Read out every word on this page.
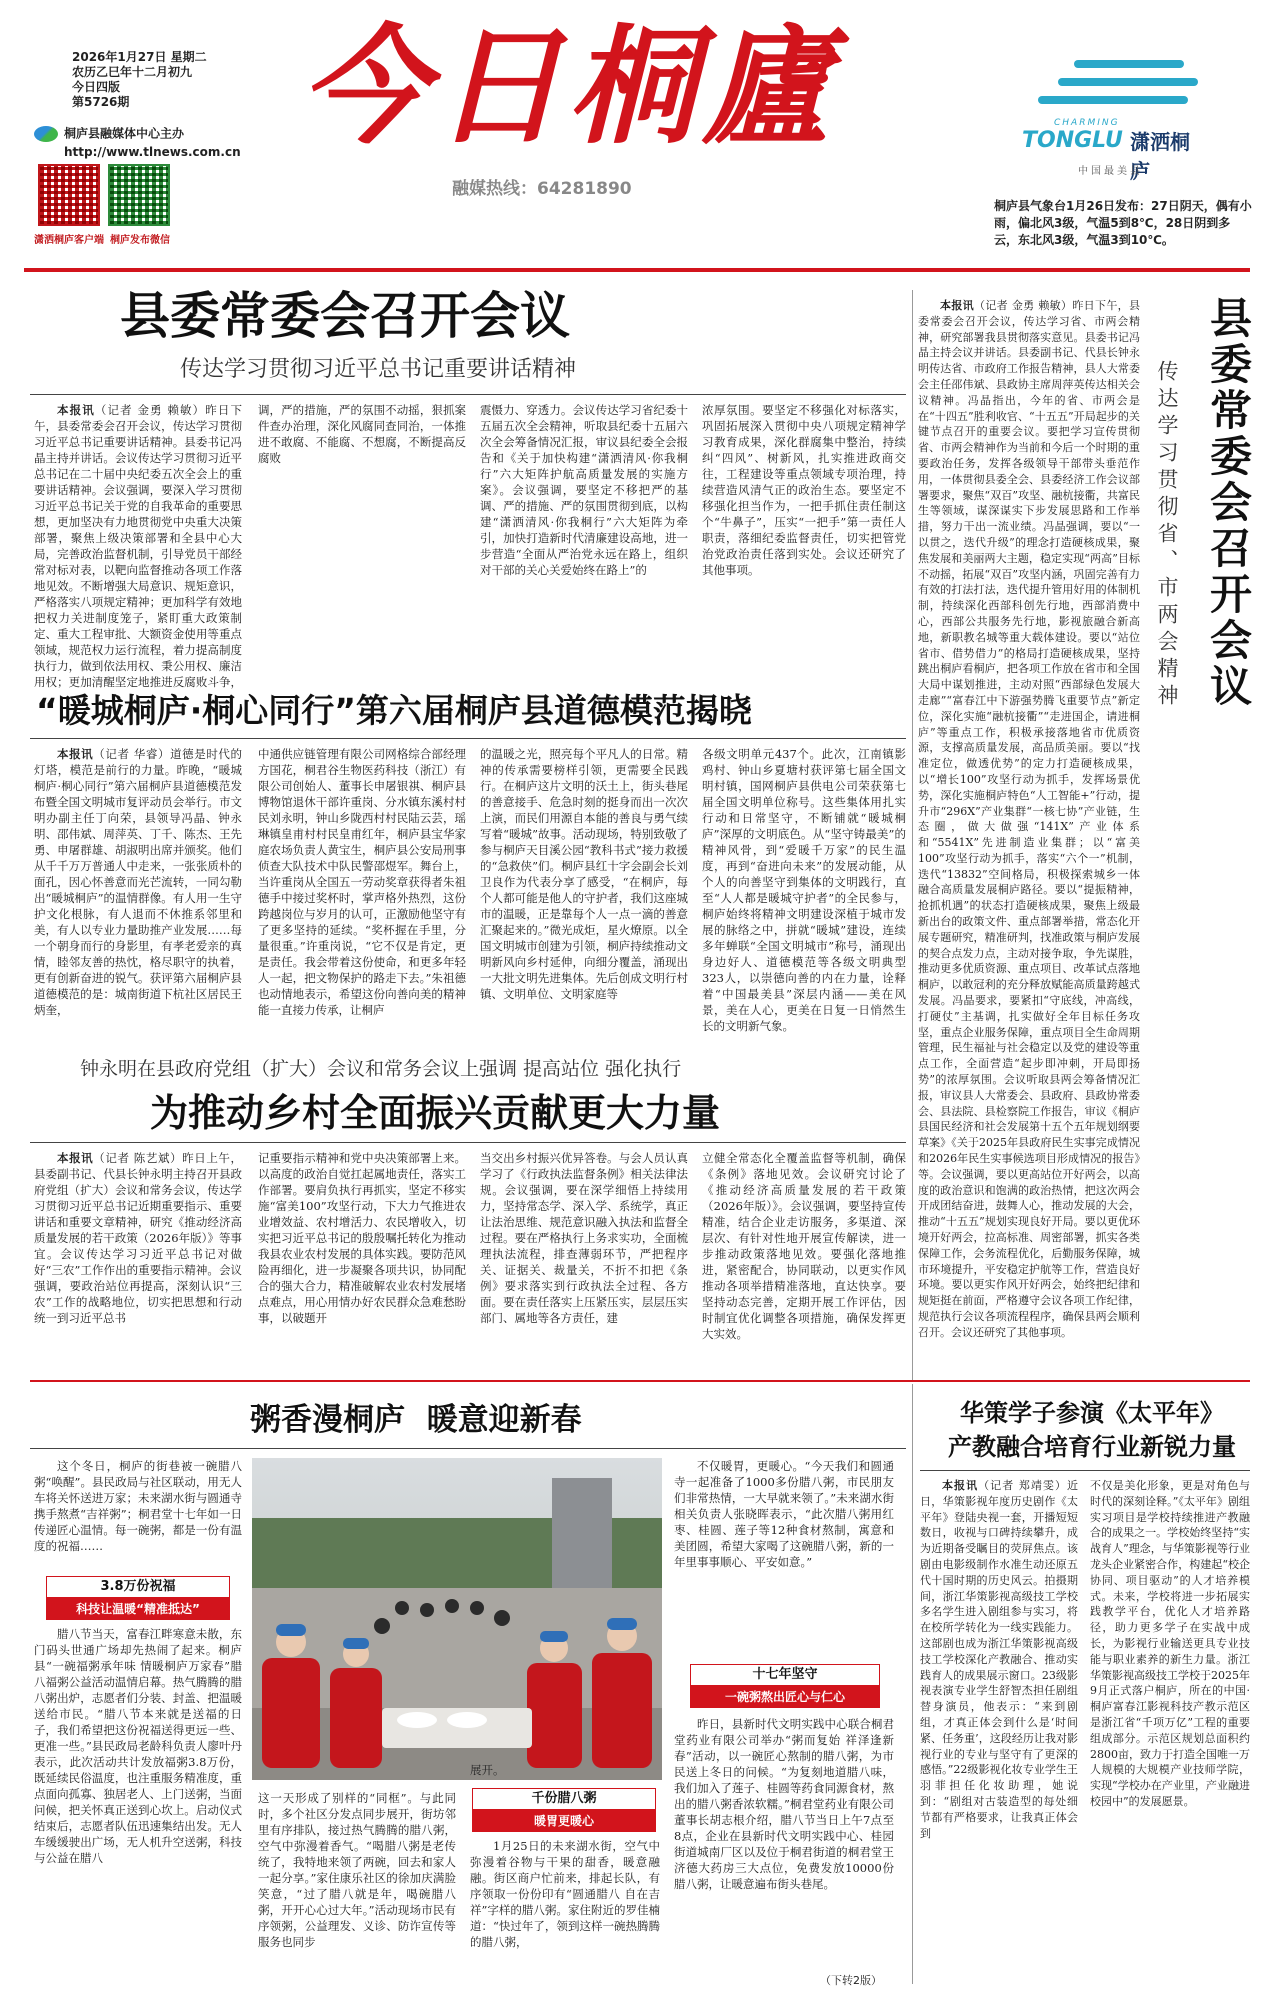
2026年1月27日 星期二
农历乙巳年十二月初九
今日四版
第5726期
桐庐县融媒体中心主办
http://www.tlnews.com.cn
潇洒桐庐客户端 桐庐发布微信
今日桐廬
融媒热线：64281890
CHARMING
TONGLU 潇洒桐庐
中国最美县
桐庐县气象台1月26日发布：27日阴天，偶有小雨，偏北风3级，气温5到8℃，28日阴到多云，东北风3级，气温3到10℃。
县委常委会召开会议
传达学习贯彻习近平总书记重要讲话精神
本报讯（记者 金勇 赖敏）昨日下午，县委常委会召开会议，传达学习贯彻习近平总书记重要讲话精神。县委书记冯晶主持并讲话。会议传达学习贯彻习近平总书记在二十届中央纪委五次全会上的重要讲话精神。会议强调，要深入学习贯彻习近平总书记关于党的自我革命的重要思想，更加坚决有力地贯彻党中央重大决策部署，聚焦上级决策部署和全县中心大局，完善政治监督机制，引导党员干部经常对标对表，以靶向监督推动各项工作落地见效。不断增强大局意识、规矩意识，严格落实八项规定精神；更加科学有效地把权力关进制度笼子，紧盯重大政策制定、重大工程审批、大额资金使用等重点领域，规范权力运行流程，着力提高制度执行力，做到依法用权、秉公用权、廉洁用权；更加清醒坚定地推进反腐败斗争，
调，严的措施，严的氛围不动摇，狠抓案件查办治理，深化风腐同查同治，一体推进不敢腐、不能腐、不想腐，不断提高反腐败
震慑力、穿透力。会议传达学习省纪委十五届五次全会精神，听取县纪委十五届六次全会筹备情况汇报，审议县纪委全会报告和《关于加快构建“潇洒清风·你我桐行”六大矩阵护航高质量发展的实施方案》。会议强调，要坚定不移把严的基调、严的措施、严的氛围贯彻到底，以构建“潇洒清风·你我桐行”六大矩阵为牵引，加快打造新时代清廉建设高地，进一步营造“全面从严治党永远在路上，组织对干部的关心关爱始终在路上”的
浓厚氛围。要坚定不移强化对标落实，巩固拓展深入贯彻中央八项规定精神学习教育成果，深化群腐集中整治，持续纠“四风”、树新风，扎实推进政商交往，工程建设等重点领域专项治理，持续营造风清气正的政治生态。要坚定不移强化担当作为，一把手抓住责任制这个“牛鼻子”，压实“一把手”第一责任人职责，落细纪委监督责任，切实把管党治党政治责任落到实处。会议还研究了其他事项。
“暖城桐庐·桐心同行”第六届桐庐县道德模范揭晓
本报讯（记者 华睿）道德是时代的灯塔，模范是前行的力量。昨晚，“暖城桐庐·桐心同行”第六届桐庐县道德模范发布暨全国文明城市复评动员会举行。市文明办副主任丁向荣，县领导冯晶、钟永明、邵伟斌、周萍英、丁千、陈杰、王先勇、申屠群雄、胡淑明出席并颁奖。他们从千千万万普通人中走来，一张张质朴的面孔，因心怀善意而光芒流转，一同勾勒出“暖城桐庐”的温情群像。有人用一生守护文化根脉，有人退而不休推系邻里和美，有人以专业力量助推产业发展……每一个朝身而行的身影里，有孝老爱亲的真情，睦邻友善的热忱，格尽职守的执着，更有创新奋进的锐气。获评第六届桐庐县道德模范的是：城南街道下杭社区居民王炳奎，
中通供应链管理有限公司网格综合部经理方国花，桐君谷生物医药科技（浙江）有限公司创始人、董事长申屠银祺、桐庐县博物馆退休干部许重岗、分水镇东溪村村民刘永明，钟山乡陇西村村民陆云芸，瑶琳镇皇甫村村民皇甫红年，桐庐县宝华家庭农场负责人黄宝生，桐庐县公安局刑事侦查大队技术中队民警邵煜军。舞台上，当许重岗从全国五一劳动奖章获得者朱祖德手中接过奖杯时，掌声格外热烈，这份跨越岗位与岁月的认可，正激励他坚守有了更多坚持的延续。“奖杯握在手里，分量很重。”许重岗说，“它不仅是肯定，更是责任。我会带着这份使命，和更多年轻人一起，把文物保护的路走下去。”朱祖德也动情地表示，希望这份向善向美的精神能一直接力传承，让桐庐
的温暖之光，照亮每个平凡人的日常。精神的传承需要榜样引领，更需要全民践行。在桐庐这片文明的沃土上，街头巷尾的善意接手、危急时刻的挺身而出一次次上演，而民们用源自本能的善良与勇气续写着“暖城”故事。活动现场，特别致敬了参与桐庐天目溪公园“教科书式”接力救援的“急救侠”们。桐庐县红十字会副会长刘卫良作为代表分享了感受，“在桐庐，每个人都可能是他人的守护者，我们这座城市的温暖，正是靠每个人一点一滴的善意汇聚起来的。”微光成炬，星火燎原。以全国文明城市创建为引领，桐庐持续推动文明新风向乡村延伸，向细分覆盖，涌现出一大批文明先进集体。先后创成文明行村镇、文明单位、文明家庭等
各级文明单元437个。此次，江南镇影鸡村、钟山乡夏塘村获评第七届全国文明村镇，国网桐庐县供电公司荣获第七届全国文明单位称号。这些集体用扎实行动和日常坚守，不断铺就“暖城桐庐”深厚的文明底色。从“坚守铸最美”的精神风骨，到“爱暖千万家”的民生温度，再到“奋进向未来”的发展动能，从个人的向善坚守到集体的文明践行，直至“人人都是暖城守护者”的全民参与，桐庐始终将精神文明建设深植于城市发展的脉络之中，拼就“暖城”建设，连续多年蝉联“全国文明城市”称号，涌现出身边好人、道德模范等各级文明典型323人，以崇德向善的内在力量，诠释着“中国最美县”深层内涵——美在风景，美在人心，更美在日复一日悄然生长的文明新气象。
钟永明在县政府党组（扩大）会议和常务会议上强调 提高站位 强化执行
为推动乡村全面振兴贡献更大力量
本报讯（记者 陈艺斌）昨日上午，县委副书记、代县长钟永明主持召开县政府党组（扩大）会议和常务会议，传达学习贯彻习近平总书记近期重要指示、重要讲话和重要文章精神，研究《推动经济高质量发展的若干政策（2026年版）》等事宜。会议传达学习习近平总书记对做好“三农”工作作出的重要指示精神。会议强调，要政治站位再提高，深刻认识“三农”工作的战略地位，切实把思想和行动统一到习近平总书
记重要指示精神和党中央决策部署上来。以高度的政治自觉扛起属地责任，落实工作部署。要肩负执行再抓实，坚定不移实施“富美100”攻坚行动，下大力气推进农业增效益、农村增活力、农民增收入，切实把习近平总书记的殷殷嘱托转化为推动我县农业农村发展的具体实践。要防范风险再细化，进一步凝聚各项共识，协同配合的强大合力，精准破解农业农村发展堵点难点，用心用情办好农民群众急难愁盼事，以破题开
当交出乡村振兴优异答卷。与会人员认真学习了《行政执法监督条例》相关法律法规。会议强调，要在深学细悟上持续用力，坚持常态学、深入学、系统学，真正让法治思维、规范意识融入执法和监督全过程。要在严格执行上务求实功，全面梳理执法流程，排查薄弱环节，严把程序关、证据关、裁量关，不折不扣把《条例》要求落实到行政执法全过程、各方面。要在责任落实上压紧压实，层层压实部门、属地等各方责任，建
立健全常态化全覆盖监督等机制，确保《条例》落地见效。会议研究讨论了《推动经济高质量发展的若干政策（2026年版）》。会议强调，要坚持宣传精准，结合企业走访服务，多渠道、深层次、有针对性地开展宣传解读，进一步推动政策落地见效。要强化落地推进，紧密配合，协同联动，以更实作风推动各项举措精准落地，直达快享。要坚持动态完善，定期开展工作评估，因时制宜优化调整各项措施，确保发挥更大实效。
县委常委会召开会议
传达学习贯彻省、市两会精神
本报讯（记者 金勇 赖敏）昨日下午，县委常委会召开会议，传达学习省、市两会精神，研究部署我县贯彻落实意见。县委书记冯晶主持会议并讲话。县委副书记、代县长钟永明传达省、市政府工作报告精神，县人大常委会主任邵伟斌、县政协主席周萍英传达相关会议精神。冯晶指出，今年的省、市两会是在“十四五”胜利收官、“十五五”开局起步的关键节点召开的重要会议。要把学习宣传贯彻省、市两会精神作为当前和今后一个时期的重要政治任务，发挥各级领导干部带头垂范作用，一体贯彻县委全会、县委经济工作会议部署要求，聚焦“双百”攻坚、融杭接衢，共富民生等领域，谋深谋实下步发展思路和工作举措，努力干出一流业绩。冯晶强调，要以“一以贯之，迭代升级”的理念打造硬核成果，聚焦发展和美丽两大主题，稳定实现“两高”目标不动摇，拓展“双百”攻坚内涵，巩固完善有力有效的打法打法，迭代提升管用好用的体制机制，持续深化西部科创先行地，西部消费中心，西部公共服务先行地，影视旅融合新高地，新职教名城等重大载体建设。要以“站位省市、借势借力”的格局打造硬核成果，坚持跳出桐庐看桐庐，把各项工作放在省市和全国大局中谋划推进，主动对照“西部绿色发展大走廊”“富春江中下游强势腾飞重要节点”新定位，深化实施“融杭接衢”“走进国企，请进桐庐”等重点工作，积极承接落地省市优质资源，支撑高质量发展，高品质美丽。要以“找准定位，做透优势”的定力打造硬核成果，以“增长100”攻坚行动为抓手，发挥场景优势，深化实施桐庐特色“人工智能+”行动，提升市“296X”产业集群“一核七协”产业链，生态圈，做大做强“141X”产业体系和“5541X”先进制造业集群；以“富美100”攻坚行动为抓手，落实“六个一”机制，迭代“13832”空间格局，积极探索城乡一体融合高质量发展桐庐路径。要以“提振精神，抢抓机遇”的状态打造硬核成果，聚焦上级最新出台的政策文件、重点部署举措，常态化开展专题研究，精准研判，找准政策与桐庐发展的契合点发力点，主动对接争取，争先谋胜，推动更多优质资源、重点项目、改革试点落地桐庐，以敢冠利的充分释放赋能高质量跨越式发展。冯晶要求，要紧扣“守底线，冲高线，打硬仗”主基调，扎实做好全年目标任务攻坚，重点企业服务保障，重点项目全生命周期管理，民生福祉与社会稳定以及党的建设等重点工作，全面营造“起步即冲刺，开局即扬势”的浓厚氛围。会议听取县两会筹备情况汇报，审议县人大常委会、县政府、县政协常委会、县法院、县检察院工作报告，审议《桐庐县国民经济和社会发展第十五个五年规划纲要草案》《关于2025年县政府民生实事完成情况和2026年民生实事候选项目形成情况的报告》等。会议强调，要以更高站位开好两会，以高度的政治意识和饱满的政治热情，把这次两会开成团结奋进，鼓舞人心，推动发展的大会，推动“十五五”规划实现良好开局。要以更优环境开好两会，拉高标准、周密部署，抓实各类保障工作，会务流程优化，后勤服务保障，城市环境提升，平安稳定护航等工作，营造良好环境。要以更实作风开好两会，始终把纪律和规矩挺在前面，严格遵守会议各项工作纪律，规范执行会议各项流程程序，确保县两会顺利召开。会议还研究了其他事项。
粥香漫桐庐 暖意迎新春
这个冬日，桐庐的街巷被一碗腊八粥“唤醒”。县民政局与社区联动，用无人车将关怀送进万家；未来湖水街与圆通寺携手熬煮“吉祥粥”；桐君堂十七年如一日传递匠心温情。每一碗粥，都是一份有温度的祝福……
3.8万份祝福
科技让温暖“精准抵达”
腊八节当天，富春江畔寒意未散，东门码头世通广场却先热闹了起来。桐庐县“一碗福粥承年味 情暖桐庐万家春”腊八福粥公益活动温情启幕。热气腾腾的腊八粥出炉，志愿者们分装、封盖、把温暖送给市民。“腊八节本来就是送福的日子，我们希望把这份祝福送得更远一些、更准一些。”县民政局老龄科负责人廖叶丹表示，此次活动共计发放福粥3.8万份，既延续民俗温度，也注重服务精准度，重点面向孤寡、独居老人、上门送粥，当面问候，把关怀真正送到心坎上。启动仪式结束后，志愿者队伍迅速集结出发。无人车缓缓驶出广场，无人机升空送粥，科技与公益在腊八
这一天形成了别样的“同框”。与此同时，多个社区分发点同步展开，街坊邻里有序排队，接过热气腾腾的腊八粥，空气中弥漫着香气。“喝腊八粥是老传统了，我特地来领了两碗，回去和家人一起分享。”家住康乐社区的徐加庆满脸笑意，“过了腊八就是年，喝碗腊八粥，开开心心过大年。”活动现场市民有序领粥，公益理发、义诊、防诈宣传等服务也同步
千份腊八粥
暖胃更暖心
展开。
1月25日的未来湖水街，空气中弥漫着谷物与干果的甜香，暖意融融。街区商户忙前来，排起长队，有序领取一份份印有“圆通腊八 自在吉祥”字样的腊八粥。家住附近的罗佳楠道：“快过年了，领到这样一碗热腾腾的腊八粥，
不仅暖胃，更暖心。“今天我们和圆通寺一起准备了1000多份腊八粥，市民朋友们非常热情，一大早就来领了。”未来湖水街相关负责人张晓晖表示，“此次腊八粥用红枣、桂圆、莲子等12种食材熬制，寓意和美团圆，希望大家喝了这碗腊八粥，新的一年里事事顺心、平安如意。”
十七年坚守
一碗粥熬出匠心与仁心
昨日，县新时代文明实践中心联合桐君堂药业有限公司举办“粥而复始 祥泽逢新春”活动，以一碗匠心熬制的腊八粥，为市民送上冬日的问候。“为复刻地道腊八味，我们加入了莲子、桂圆等药食同源食材，熬出的腊八粥香浓软糯。”桐君堂药业有限公司董事长胡志根介绍，腊八节当日上午7点至8点，企业在县新时代文明实践中心、桂园街道城南厂区以及位于桐君街道的桐君堂王济德大药房三大点位，免费发放10000份腊八粥，让暖意遍布街头巷尾。
（下转2版）
华策学子参演《太平年》
产教融合培育行业新锐力量
本报讯（记者 郑靖雯）近日，华策影视年度历史剧作《太平年》登陆央视一套，开播短短数日，收视与口碑持续攀升，成为近期备受瞩目的荧屏焦点。该剧由电影级制作水准生动还原五代十国时期的历史风云。拍摄期间，浙江华策影视高级技工学校多名学生进入剧组参与实习，将在校所学转化为一线实践能力。这部剧也成为浙江华策影视高级技工学校深化产教融合、推动实践育人的成果展示窗口。23级影视表演专业学生舒智杰担任剧组替身演员，他表示：“来到剧组，才真正体会到什么是‘时间紧、任务重’，这段经历让我对影视行业的专业与坚守有了更深的感悟。”22级影视化妆专业学生王羽菲担任化妆助理，她说到：“剧组对古装造型的每处细节都有严格要求，让我真正体会到
不仅是美化形象，更是对角色与时代的深刻诠释。”《太平年》剧组实习项目是学校持续推进产教融合的成果之一。学校始终坚持“实战育人”理念，与华策影视等行业龙头企业紧密合作，构建起“校企协同、项目驱动”的人才培养模式。未来，学校将进一步拓展实践教学平台，优化人才培养路径，助力更多学子在实战中成长，为影视行业输送更具专业技能与职业素养的新生力量。浙江华策影视高级技工学校于2025年9月正式落户桐庐，所在的中国·桐庐富春江影视科技产教示范区是浙江省“千项万亿”工程的重要组成部分。示范区规划总面积约2800亩，致力于打造全国唯一万人规模的大规模产业技师学院，实现“学校办在产业里，产业融进校园中”的发展愿景。
